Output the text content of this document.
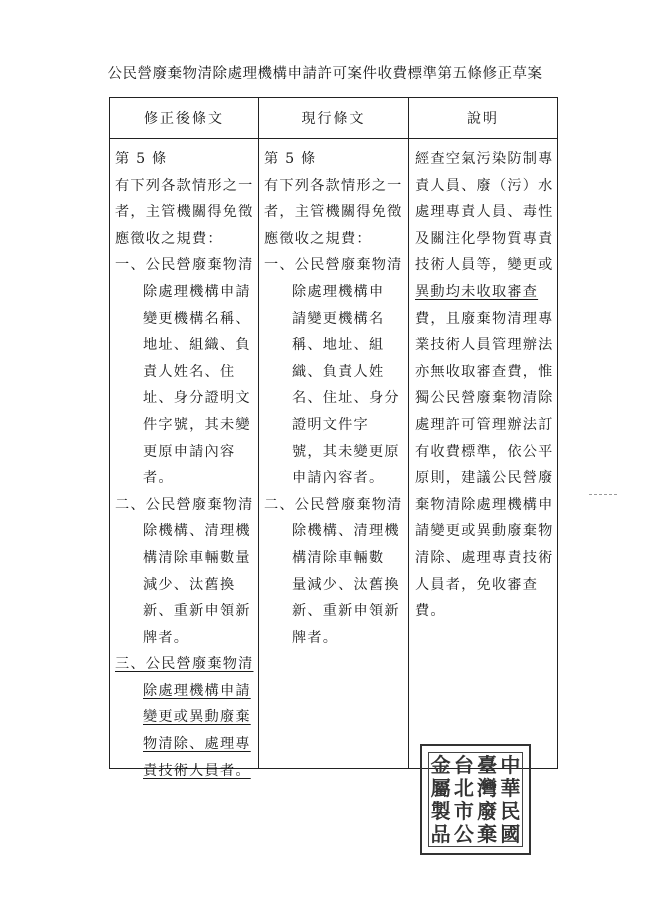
公民營廢棄物清除處理機構申請許可案件收費標準第五條修正草案
修正後條文	現行條文	說明
第 5 條
有下列各款情形之一
者，主管機關得免徵
應徵收之規費：
一、公民營廢棄物清
除處理機構申請
變更機構名稱、
地址、組織、負
責人姓名、住
址、身分證明文
件字號，其未變
更原申請內容
者。
二、公民營廢棄物清
除機構、清理機
構清除車輛數量
減少、汰舊換
新、重新申領新
牌者。
三、公民營廢棄物清
除處理機構申請
變更或異動廢棄
物清除、處理專
責技術人員者。
第 5 條
有下列各款情形之一
者，主管機關得免徵
應徵收之規費：
一、公民營廢棄物清
除處理機構申
請變更機構名
稱、地址、組
織、負責人姓
名、住址、身分
證明文件字
號，其未變更原
申請內容者。
二、公民營廢棄物清
除機構、清理機
構清除車輛數
量減少、汰舊換
新、重新申領新
牌者。
經查空氣污染防制專
責人員、廢（污）水
處理專責人員、毒性
及關注化學物質專責
技術人員等，變更或
異動均未收取審查
費，且廢棄物清理專
業技術人員管理辦法
亦無收取審查費，惟
獨公民營廢棄物清除
處理許可管理辦法訂
有收費標準，依公平
原則，建議公民營廢
棄物清除處理機構申
請變更或異動廢棄物
清除、處理專責技術
人員者，免收審查
費。
金 台 臺 中
屬 北 灣 華
製 市 廢 民
品 公 棄 國
